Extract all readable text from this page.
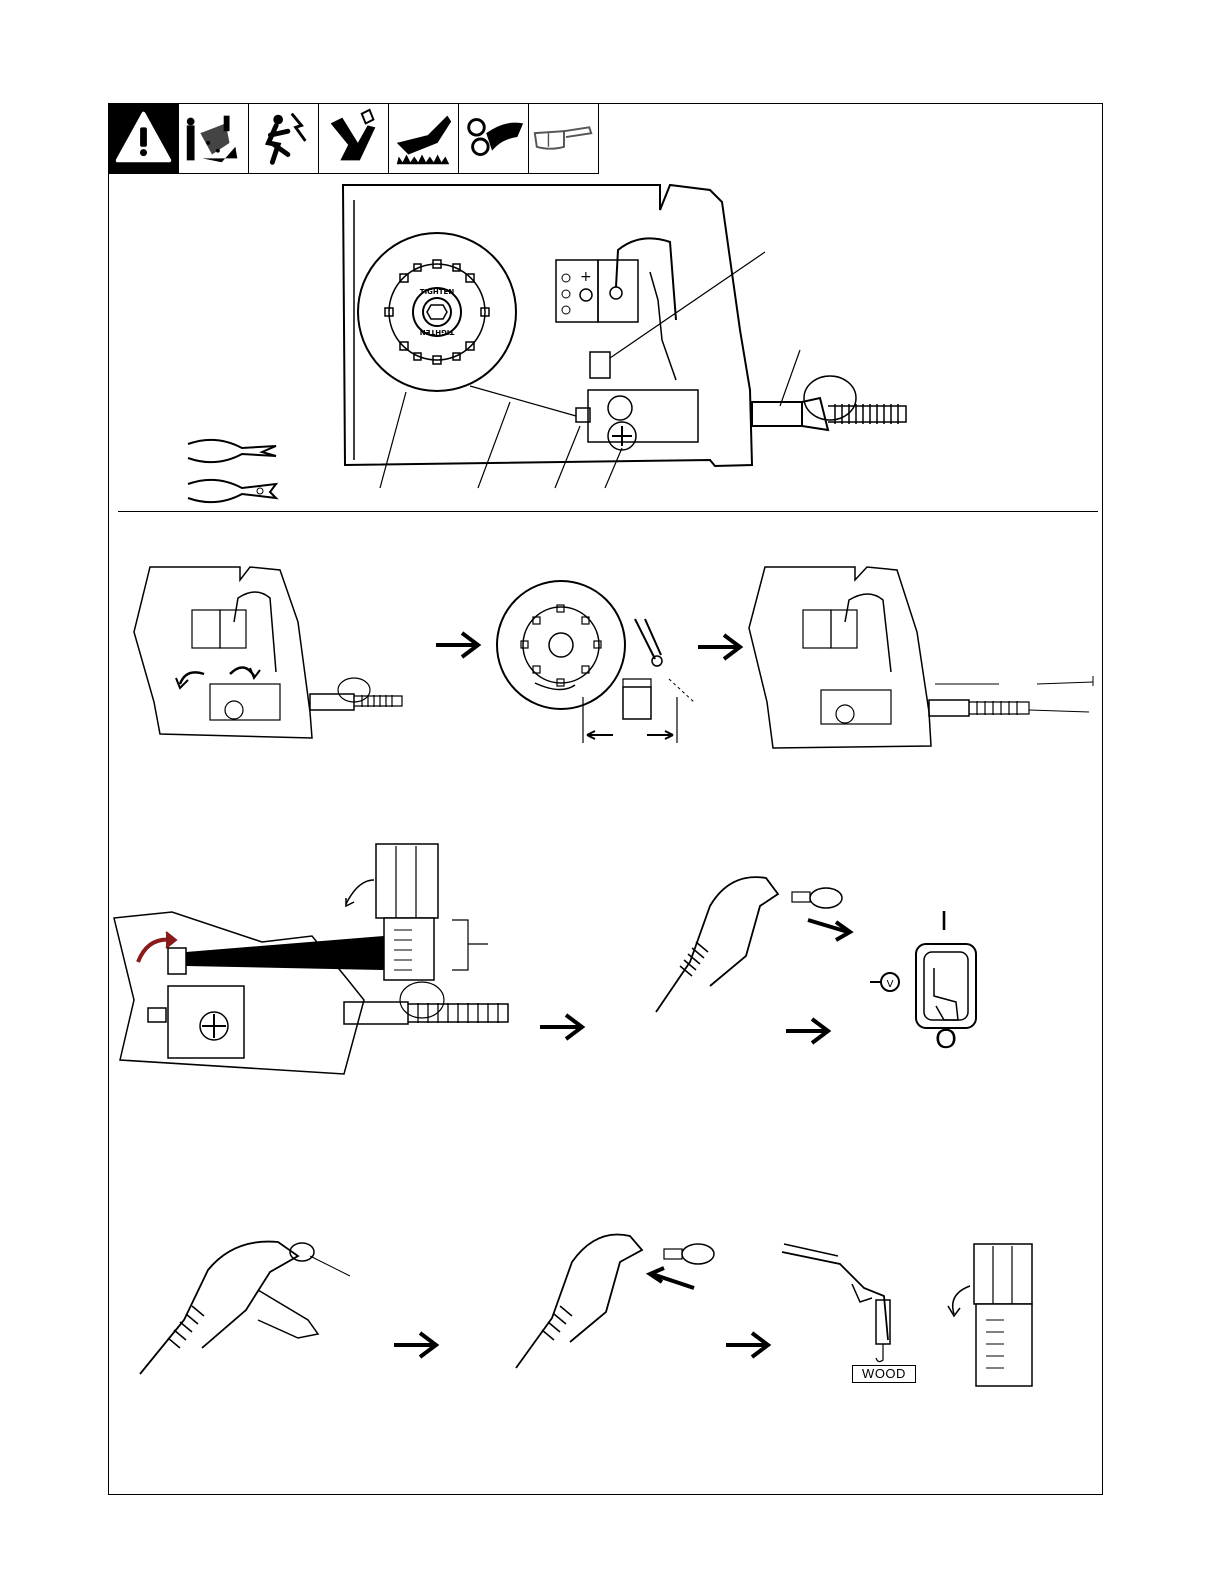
TIGHTEN
TIGHTEN
+
V
I
O
WOOD
